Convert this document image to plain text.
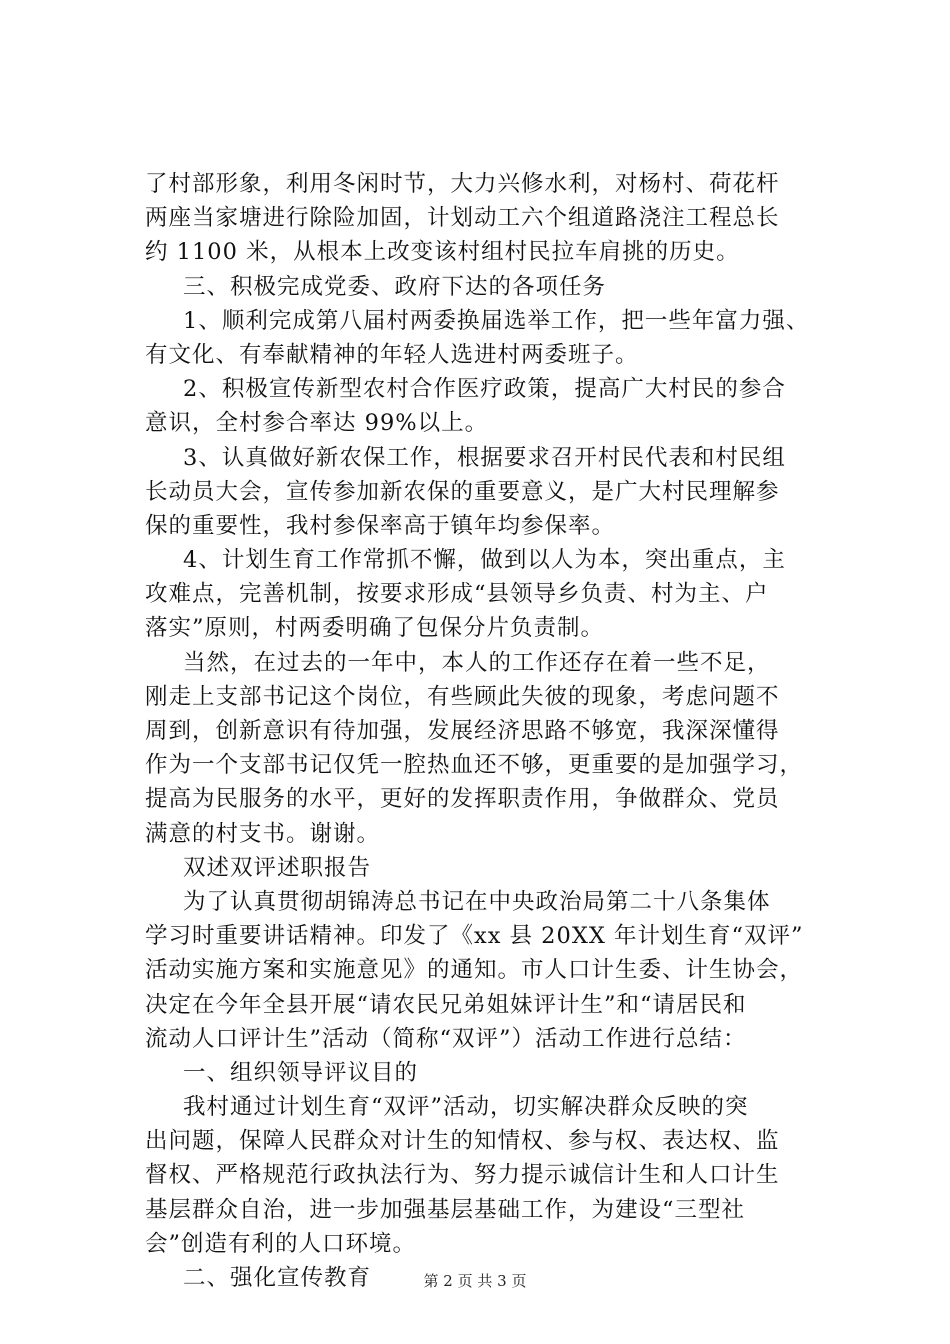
了村部形象，利用冬闲时节，大力兴修水利，对杨村、荷花杆
两座当家塘进行除险加固，计划动工六个组道路浇注工程总长
约 1100 米，从根本上改变该村组村民拉车肩挑的历史。
三、积极完成党委、政府下达的各项任务
1、顺利完成第八届村两委换届选举工作，把一些年富力强、
有文化、有奉献精神的年轻人选进村两委班子。
2、积极宣传新型农村合作医疗政策，提高广大村民的参合
意识，全村参合率达 99%以上。
3、认真做好新农保工作，根据要求召开村民代表和村民组
长动员大会，宣传参加新农保的重要意义，是广大村民理解参
保的重要性，我村参保率高于镇年均参保率。
4、计划生育工作常抓不懈，做到以人为本，突出重点，主
攻难点，完善机制，按要求形成“县领导乡负责、村为主、户
落实”原则，村两委明确了包保分片负责制。
当然，在过去的一年中，本人的工作还存在着一些不足，
刚走上支部书记这个岗位，有些顾此失彼的现象，考虑问题不
周到，创新意识有待加强，发展经济思路不够宽，我深深懂得
作为一个支部书记仅凭一腔热血还不够，更重要的是加强学习，
提高为民服务的水平，更好的发挥职责作用，争做群众、党员
满意的村支书。谢谢。
双述双评述职报告
为了认真贯彻胡锦涛总书记在中央政治局第二十八条集体
学习时重要讲话精神。印发了《xx 县 20XX 年计划生育“双评”
活动实施方案和实施意见》的通知。市人口计生委、计生协会，
决定在今年全县开展“请农民兄弟姐妹评计生”和“请居民和
流动人口评计生”活动（简称“双评”）活动工作进行总结：
一、组织领导评议目的
我村通过计划生育“双评”活动，切实解决群众反映的突
出问题，保障人民群众对计生的知情权、参与权、表达权、监
督权、严格规范行政执法行为、努力提示诚信计生和人口计生
基层群众自治，进一步加强基层基础工作，为建设“三型社
会”创造有利的人口环境。
二、强化宣传教育	第 2 页 共 3 页
